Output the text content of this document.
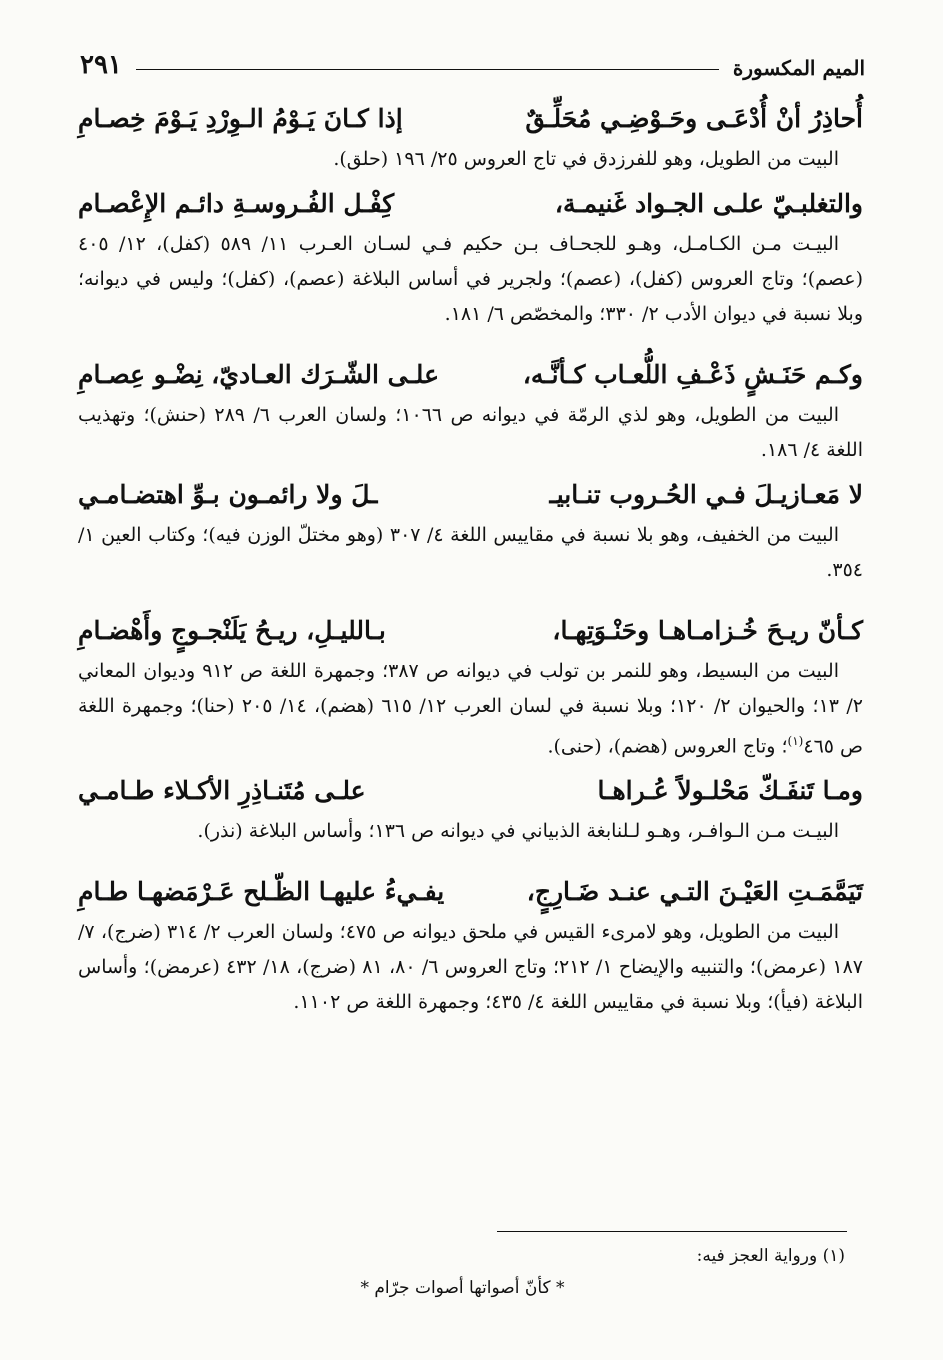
الميم المكسورة
٢٩١
أُحاذِرُ أنْ أُدْعَـى وحَـوْضِـي مُحَلِّـقٌ
إذا كـانَ يَـوْمُ الـوِرْدِ يَـوْمَ خِصـامِ

البيت من الطويل، وهو للفرزدق في تاج العروس ٢٥/ ١٩٦ (حلق).

والتغلبـيّ علـى الجـواد غَنيمـة،
كِفْـل الفُـروسـةِ دائـم الإِعْصـام

البيـت مـن الكـامـل، وهـو للجحـاف بـن حكيم فـي لسـان العـرب ١١/ ٥٨٩ (كفل)، ١٢/ ٤٠٥ (عصم)؛ وتاج العروس (كفل)، (عصم)؛ ولجرير في أساس البلاغة (عصم)، (كفل)؛ وليس في ديوانه؛ وبلا نسبة في ديوان الأدب ٢/ ٣٣٠؛ والمخصّص ٦/ ١٨١.

وكـم حَنَـشٍ ذَعْـفِ اللُّعـاب كـأنَّـه،
علـى الشّـرَك العـاديّ، نِضْـو عِصـامِ

البيت من الطويل، وهو لذي الرمّة في ديوانه ص ١٠٦٦؛ ولسان العرب ٦/ ٢٨٩ (حنش)؛ وتهذيب اللغة ٤/ ١٨٦.

لا مَعـازيـلَ فـي الحُـروب تنـابيـ
ـلَ ولا رائمـون بـوِّ اهتضـامـي

البيت من الخفيف، وهو بلا نسبة في مقاييس اللغة ٤/ ٣٠٧ (وهو مختلّ الوزن فيه)؛ وكتاب العين ١/ ٣٥٤.

كـأنّ ريـحَ خُـزامـاهـا وحَنْـوَتِهـا،
بـالليـلِ، ريـحُ يَلَنْجـوجٍ وأَهْضـامِ

البيت من البسيط، وهو للنمر بن تولب في ديوانه ص ٣٨٧؛ وجمهرة اللغة ص ٩١٢ وديوان المعاني ٢/ ١٣؛ والحيوان ٢/ ١٢٠؛ وبلا نسبة في لسان العرب ١٢/ ٦١٥ (هضم)، ١٤/ ٢٠٥ (حنا)؛ وجمهرة اللغة ص ٤٦٥$^{(١)}$؛ وتاج العروس (هضم)، (حنى).

ومـا تَنفَـكّ مَحْلـولاً عُـراهـا
علـى مُتَنـاذِرِ الأكـلاء طـامـي

البيـت مـن الـوافـر، وهـو لـلنابغة الذبياني في ديوانه ص ١٣٦؛ وأساس البلاغة (نذر).

تَيَمَّمَـتِ العَيْـنَ التـي عنـد ضَـارِجٍ،
يفـيءُ عليهـا الظّـلح عَـرْمَضهـا طـامِ

البيت من الطويل، وهو لامرىء القيس في ملحق ديوانه ص ٤٧٥؛ ولسان العرب ٢/ ٣١٤ (ضرج)، ٧/ ١٨٧ (عرمض)؛ والتنبيه والإيضاح ١/ ٢١٢؛ وتاج العروس ٦/ ٨٠، ٨١ (ضرج)، ١٨/ ٤٣٢ (عرمض)؛ وأساس البلاغة (فيأ)؛ وبلا نسبة في مقاييس اللغة ٤/ ٤٣٥؛ وجمهرة اللغة ص ١١٠٢.

(١) ورواية العجز فيه:
* كأنّ أصواتها أصوات جرّام *
